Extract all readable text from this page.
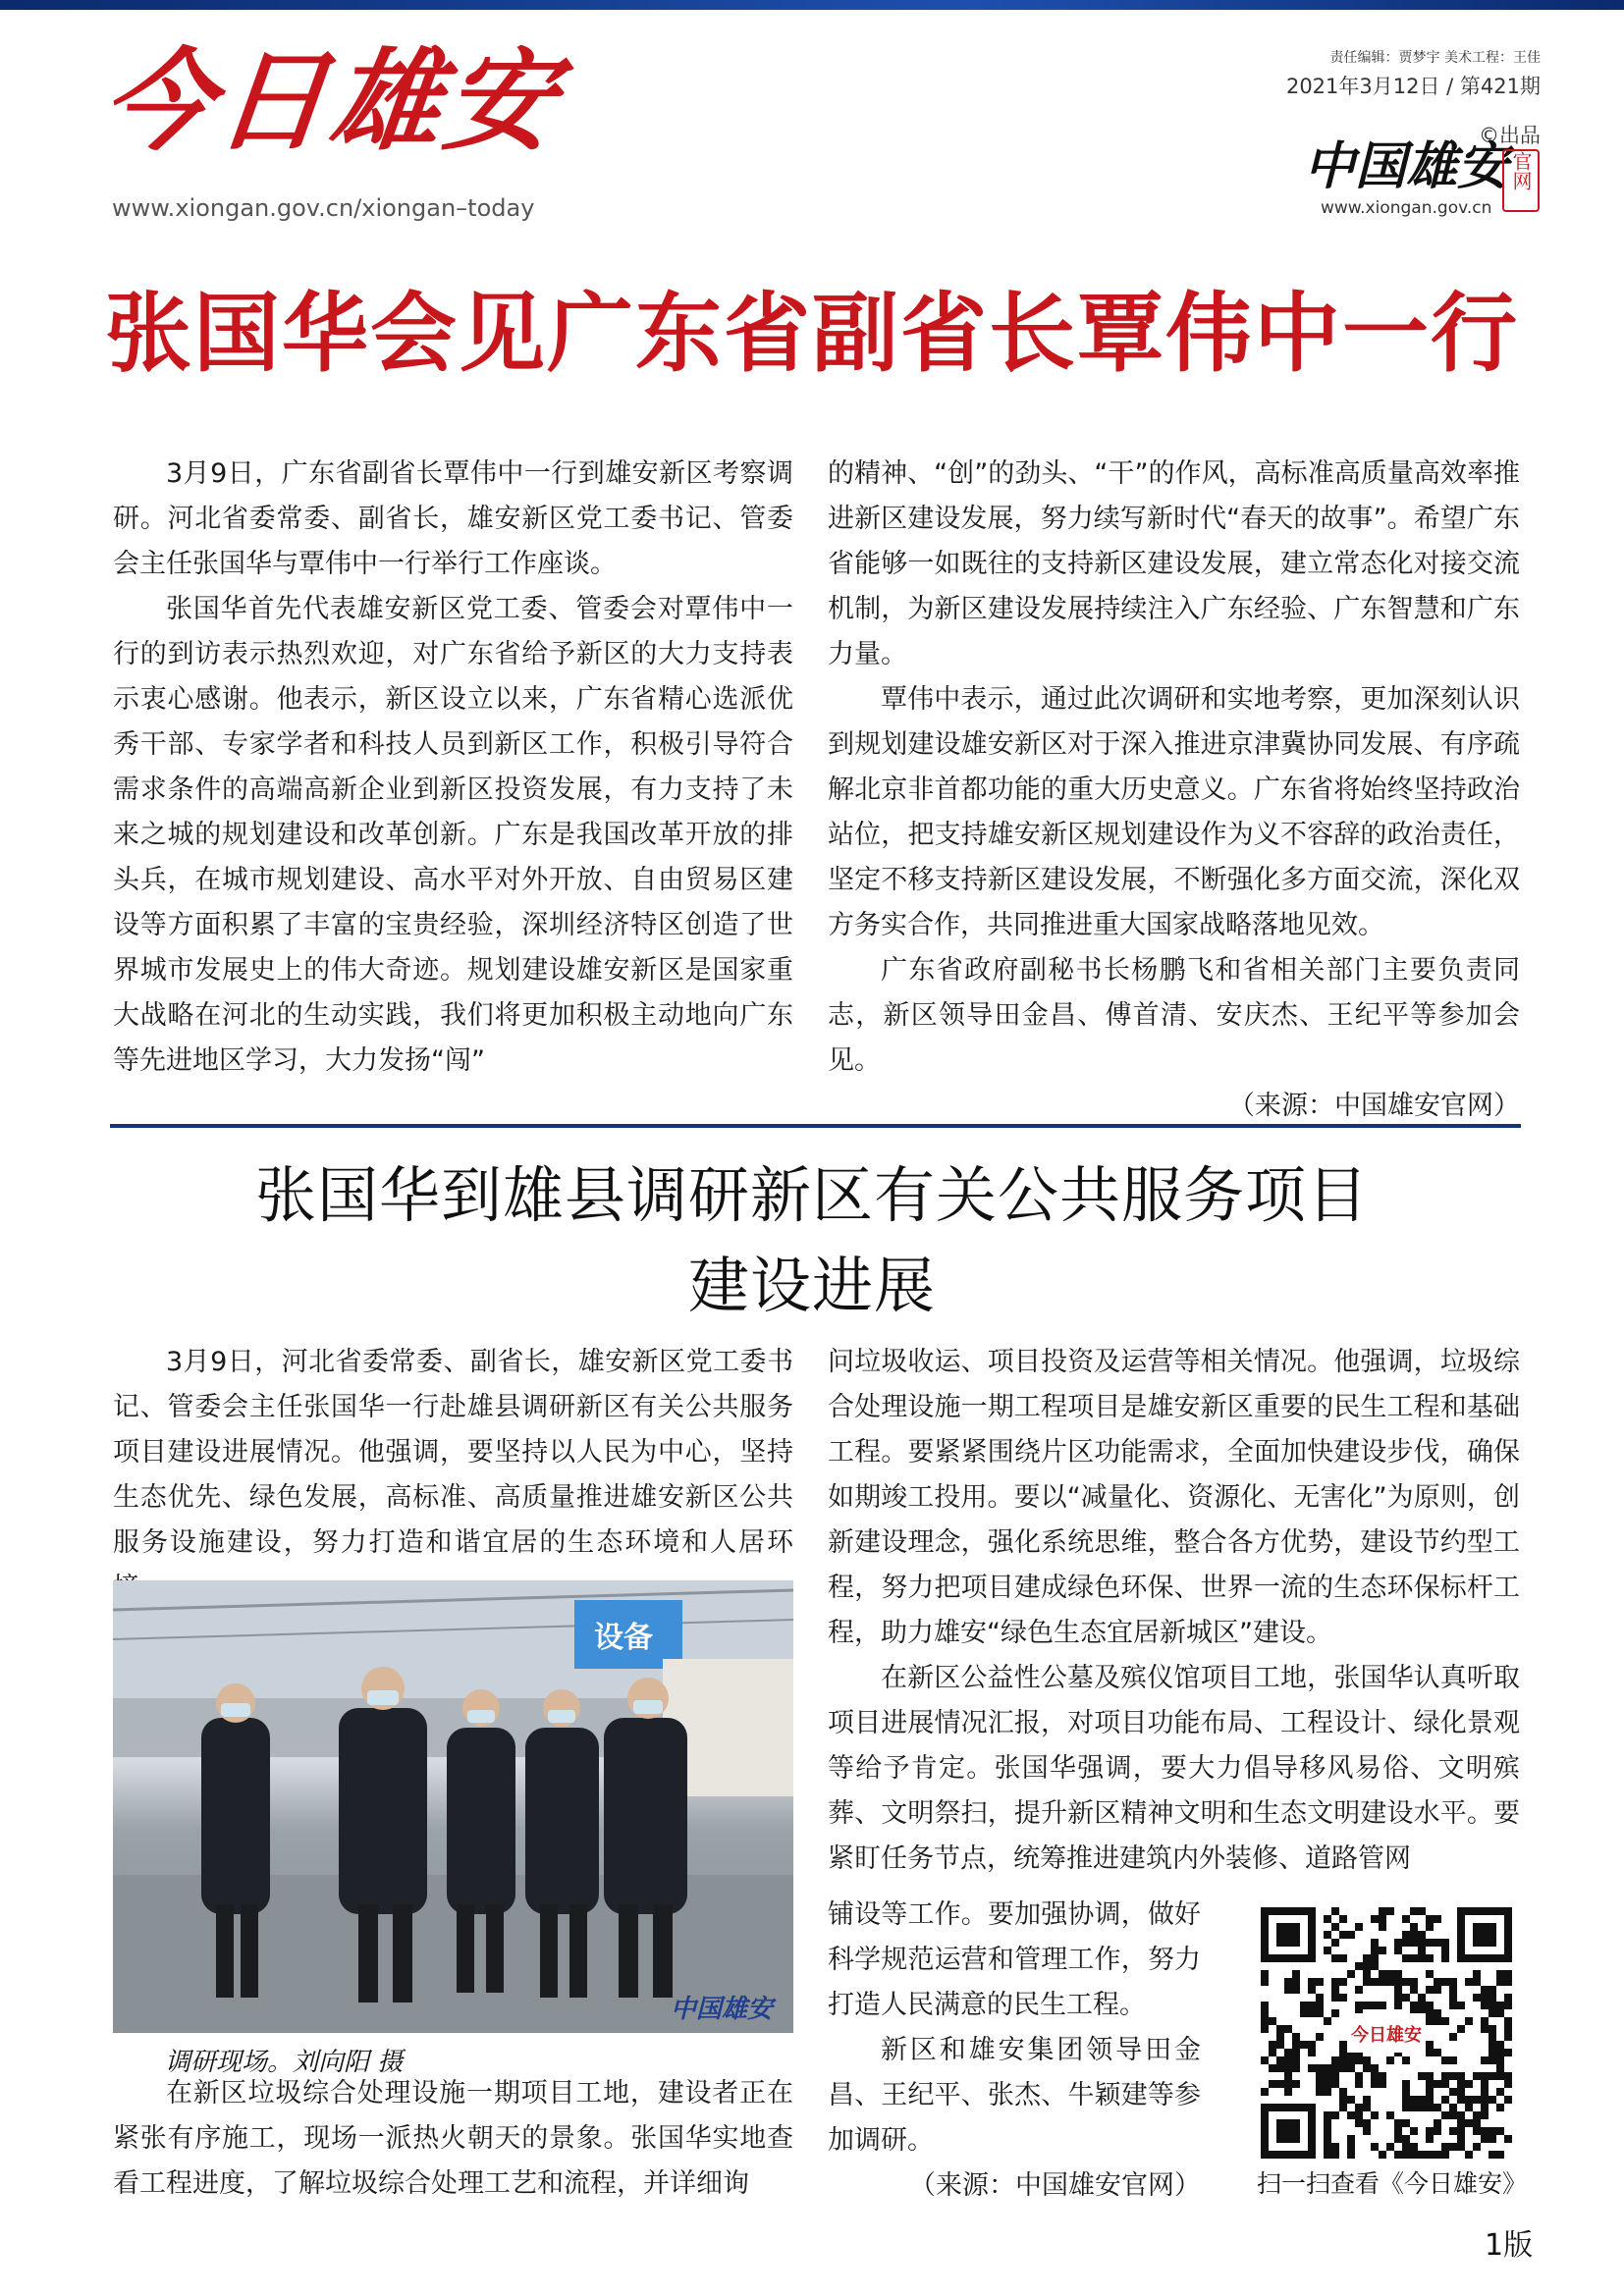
今日雄安
www.xiongan.gov.cn/xiongan–today
责任编辑：贾梦宇 美术工程：王佳
2021年3月12日 / 第421期
©出品
中国雄安 官网
www.xiongan.gov.cn
张国华会见广东省副省长覃伟中一行

3月9日，广东省副省长覃伟中一行到雄安新区考察调研。河北省委常委、副省长，雄安新区党工委书记、管委会主任张国华与覃伟中一行举行工作座谈。

张国华首先代表雄安新区党工委、管委会对覃伟中一行的到访表示热烈欢迎，对广东省给予新区的大力支持表示衷心感谢。他表示，新区设立以来，广东省精心选派优秀干部、专家学者和科技人员到新区工作，积极引导符合需求条件的高端高新企业到新区投资发展，有力支持了未来之城的规划建设和改革创新。广东是我国改革开放的排头兵，在城市规划建设、高水平对外开放、自由贸易区建设等方面积累了丰富的宝贵经验，深圳经济特区创造了世界城市发展史上的伟大奇迹。规划建设雄安新区是国家重大战略在河北的生动实践，我们将更加积极主动地向广东等先进地区学习，大力发扬“闯”

的精神、“创”的劲头、“干”的作风，高标准高质量高效率推进新区建设发展，努力续写新时代“春天的故事”。希望广东省能够一如既往的支持新区建设发展，建立常态化对接交流机制，为新区建设发展持续注入广东经验、广东智慧和广东力量。

覃伟中表示，通过此次调研和实地考察，更加深刻认识到规划建设雄安新区对于深入推进京津冀协同发展、有序疏解北京非首都功能的重大历史意义。广东省将始终坚持政治站位，把支持雄安新区规划建设作为义不容辞的政治责任，坚定不移支持新区建设发展，不断强化多方面交流，深化双方务实合作，共同推进重大国家战略落地见效。

广东省政府副秘书长杨鹏飞和省相关部门主要负责同志，新区领导田金昌、傅首清、安庆杰、王纪平等参加会见。

（来源：中国雄安官网）

张国华到雄县调研新区有关公共服务项目
建设进展

3月9日，河北省委常委、副省长，雄安新区党工委书记、管委会主任张国华一行赴雄县调研新区有关公共服务项目建设进展情况。他强调，要坚持以人民为中心，坚持生态优先、绿色发展，高标准、高质量推进雄安新区公共服务设施建设，努力打造和谐宜居的生态环境和人居环

设备
中国雄安
调研现场。刘向阳 摄

在新区垃圾综合处理设施一期项目工地，建设者正在紧张有序施工，现场一派热火朝天的景象。张国华实地查看工程进度，了解垃圾综合处理工艺和流程，并详细询

问垃圾收运、项目投资及运营等相关情况。他强调，垃圾综合处理设施一期工程项目是雄安新区重要的民生工程和基础工程。要紧紧围绕片区功能需求，全面加快建设步伐，确保如期竣工投用。要以“减量化、资源化、无害化”为原则，创新建设理念，强化系统思维，整合各方优势，建设节约型工程，努力把项目建成绿色环保、世界一流的生态环保标杆工程，助力雄安“绿色生态宜居新城区”建设。

在新区公益性公墓及殡仪馆项目工地，张国华认真听取项目进展情况汇报，对项目功能布局、工程设计、绿化景观等给予肯定。张国华强调，要大力倡导移风易俗、文明殡葬、文明祭扫，提升新区精神文明和生态文明建设水平。要紧盯任务节点，统筹推进建筑内外装修、道路管网

铺设等工作。要加强协调，做好科学规范运营和管理工作，努力打造人民满意的民生工程。

新区和雄安集团领导田金昌、王纪平、张杰、牛颖建等参加调研。

（来源：中国雄安官网）

今日雄安
扫一扫查看《今日雄安》
1版
